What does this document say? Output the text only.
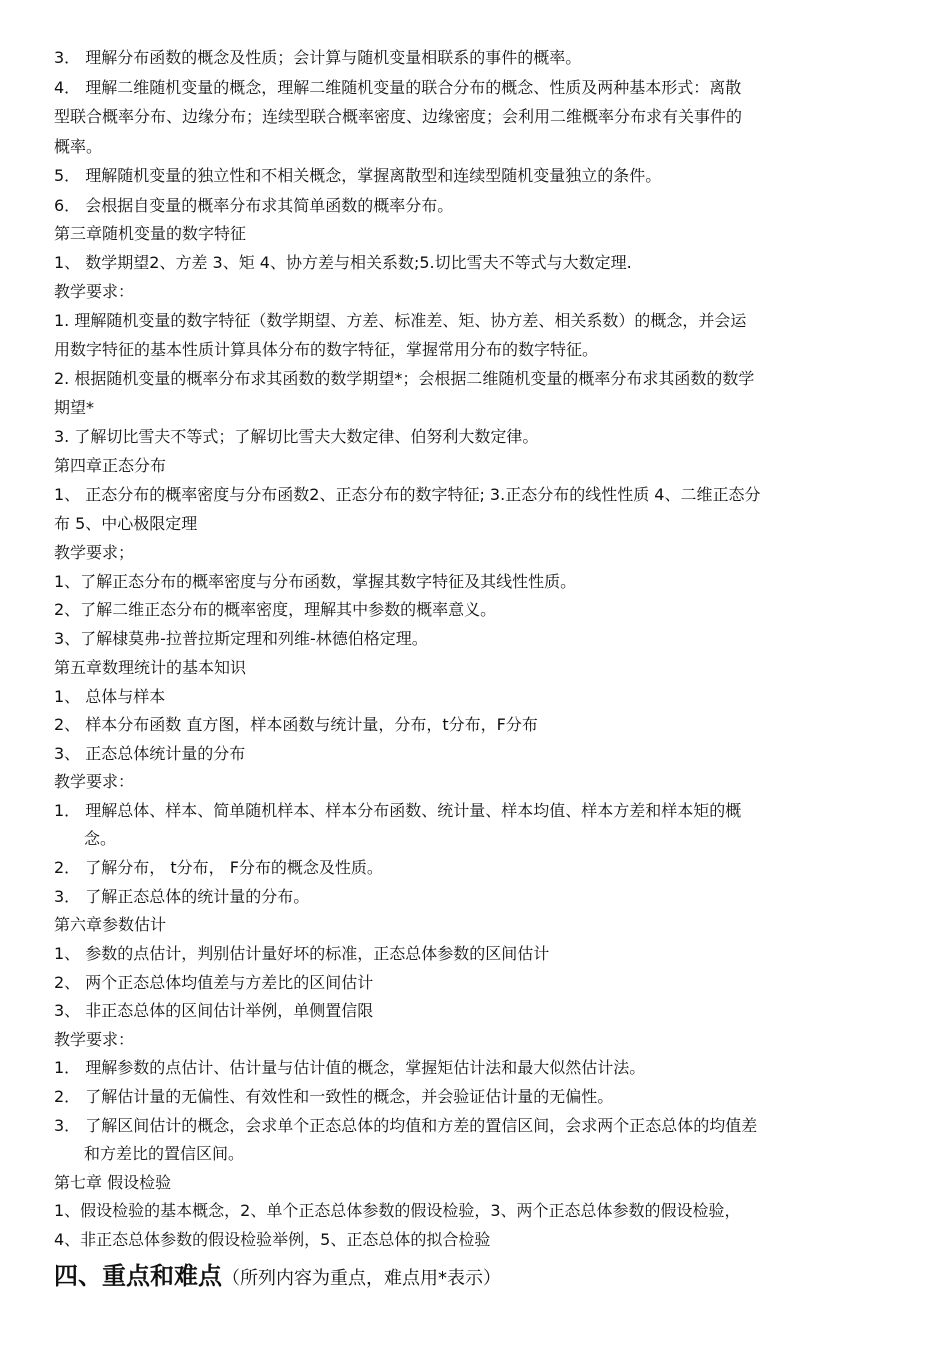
3． 理解分布函数的概念及性质；会计算与随机变量相联系的事件的概率。
4． 理解二维随机变量的概念，理解二维随机变量的联合分布的概念、性质及两种基本形式：离散
型联合概率分布、边缘分布；连续型联合概率密度、边缘密度；会利用二维概率分布求有关事件的
概率。
5． 理解随机变量的独立性和不相关概念，掌握离散型和连续型随机变量独立的条件。
6． 会根据自变量的概率分布求其简单函数的概率分布。
第三章随机变量的数字特征
1、 数学期望2、方差 3、矩 4、协方差与相关系数;5.切比雪夫不等式与大数定理.
教学要求：
1. 理解随机变量的数字特征（数学期望、方差、标准差、矩、协方差、相关系数）的概念，并会运
用数字特征的基本性质计算具体分布的数字特征，掌握常用分布的数字特征。
2. 根据随机变量的概率分布求其函数的数学期望*；会根据二维随机变量的概率分布求其函数的数学
期望*
3. 了解切比雪夫不等式；了解切比雪夫大数定律、伯努利大数定律。
第四章正态分布
1、 正态分布的概率密度与分布函数2、正态分布的数字特征; 3.正态分布的线性性质 4、二维正态分
布 5、中心极限定理
教学要求；
1、了解正态分布的概率密度与分布函数，掌握其数字特征及其线性性质。
2、了解二维正态分布的概率密度，理解其中参数的概率意义。
3、了解棣莫弗-拉普拉斯定理和列维-林德伯格定理。
第五章数理统计的基本知识
1、 总体与样本
2、 样本分布函数 直方图，样本函数与统计量，分布，t分布，F分布
3、 正态总体统计量的分布
教学要求：
1． 理解总体、样本、简单随机样本、样本分布函数、统计量、样本均值、样本方差和样本矩的概
念。
2． 了解分布， t分布， F分布的概念及性质。
3． 了解正态总体的统计量的分布。
第六章参数估计
1、 参数的点估计，判别估计量好坏的标准，正态总体参数的区间估计
2、 两个正态总体均值差与方差比的区间估计
3、 非正态总体的区间估计举例，单侧置信限
教学要求：
1． 理解参数的点估计、估计量与估计值的概念，掌握矩估计法和最大似然估计法。
2． 了解估计量的无偏性、有效性和一致性的概念，并会验证估计量的无偏性。
3． 了解区间估计的概念，会求单个正态总体的均值和方差的置信区间，会求两个正态总体的均值差
和方差比的置信区间。
第七章 假设检验
1、假设检验的基本概念，2、单个正态总体参数的假设检验，3、两个正态总体参数的假设检验，
4、非正态总体参数的假设检验举例，5、正态总体的拟合检验
四、重点和难点（所列内容为重点，难点用*表示）
